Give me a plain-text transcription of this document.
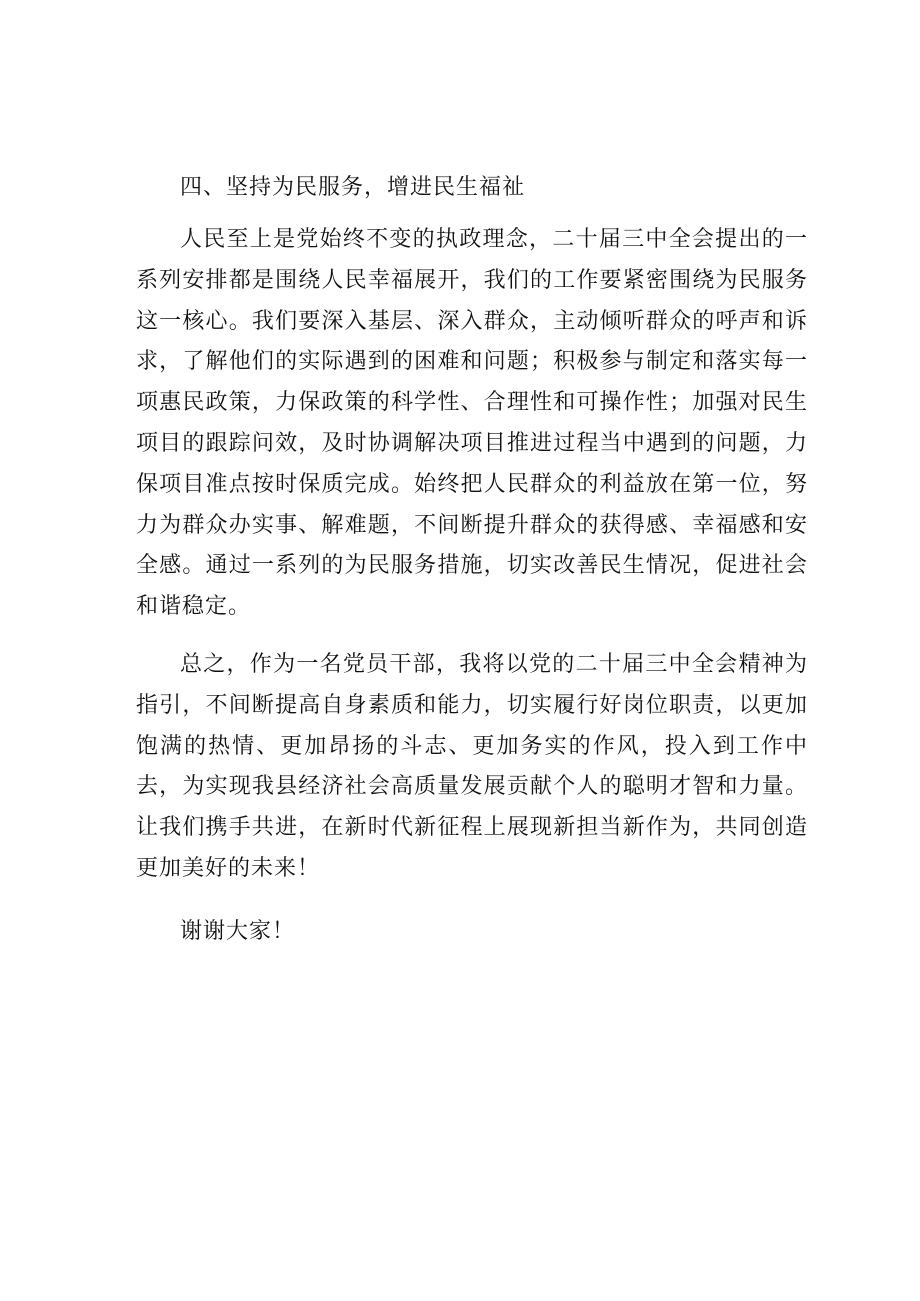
四、坚持为民服务，增进民生福祉

人民至上是党始终不变的执政理念，二十届三中全会提出的一系列安排都是围绕人民幸福展开，我们的工作要紧密围绕为民服务这一核心。我们要深入基层、深入群众，主动倾听群众的呼声和诉求，了解他们的实际遇到的困难和问题；积极参与制定和落实每一项惠民政策，力保政策的科学性、合理性和可操作性；加强对民生项目的跟踪问效，及时协调解决项目推进过程当中遇到的问题，力保项目准点按时保质完成。始终把人民群众的利益放在第一位，努力为群众办实事、解难题，不间断提升群众的获得感、幸福感和安全感。通过一系列的为民服务措施，切实改善民生情况，促进社会和谐稳定。

总之，作为一名党员干部，我将以党的二十届三中全会精神为指引，不间断提高自身素质和能力，切实履行好岗位职责，以更加饱满的热情、更加昂扬的斗志、更加务实的作风，投入到工作中去，为实现我县经济社会高质量发展贡献个人的聪明才智和力量。让我们携手共进，在新时代新征程上展现新担当新作为，共同创造更加美好的未来！

谢谢大家！
